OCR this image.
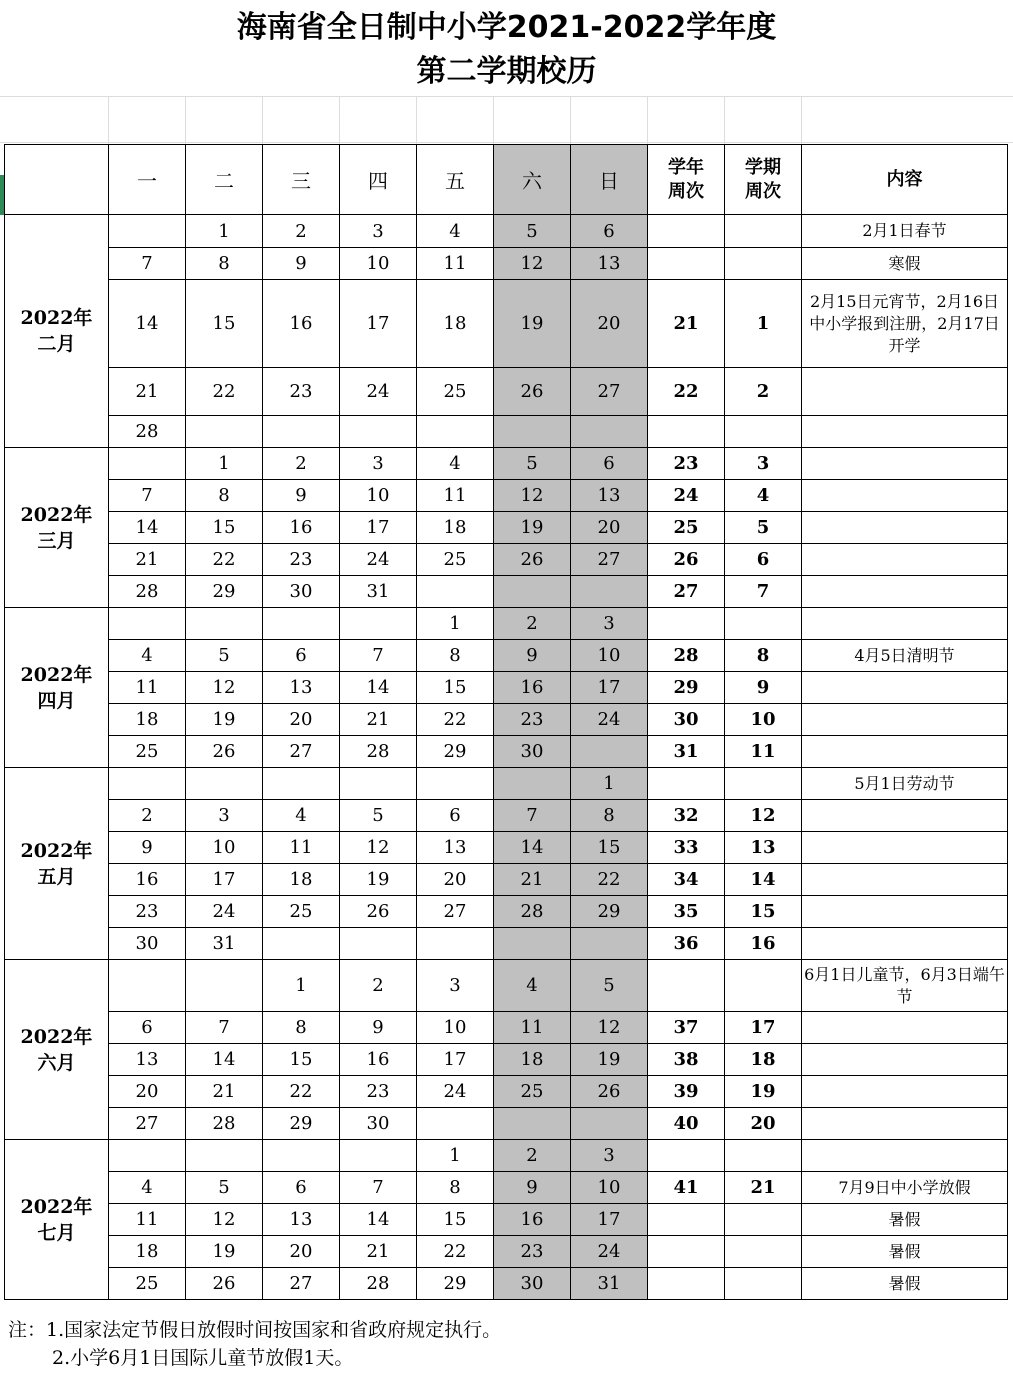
海南省全日制中小学2021-2022学年度
第二学期校历
	一	二	三	四	五	六	日	学年
周次	学期
周次	内容
2022年
二月		1	2	3	4	5	6			2月1日春节
	7	8	9	10	11	12	13			寒假
	14	15	16	17	18	19	20	21	1	2月15日元宵节，2月16日中小学报到注册，2月17日开学
	21	22	23	24	25	26	27	22	2	
	28									
2022年
三月		1	2	3	4	5	6	23	3	
	7	8	9	10	11	12	13	24	4	
	14	15	16	17	18	19	20	25	5	
	21	22	23	24	25	26	27	26	6	
	28	29	30	31				27	7	
2022年
四月					1	2	3			
	4	5	6	7	8	9	10	28	8	4月5日清明节
	11	12	13	14	15	16	17	29	9	
	18	19	20	21	22	23	24	30	10	
	25	26	27	28	29	30		31	11	
2022年
五月							1			5月1日劳动节
	2	3	4	5	6	7	8	32	12	
	9	10	11	12	13	14	15	33	13	
	16	17	18	19	20	21	22	34	14	
	23	24	25	26	27	28	29	35	15	
	30	31						36	16	
2022年
六月			1	2	3	4	5			6月1日儿童节，6月3日端午节
	6	7	8	9	10	11	12	37	17	
	13	14	15	16	17	18	19	38	18	
	20	21	22	23	24	25	26	39	19	
	27	28	29	30				40	20	
2022年
七月					1	2	3			
	4	5	6	7	8	9	10	41	21	7月9日中小学放假
	11	12	13	14	15	16	17			暑假
	18	19	20	21	22	23	24			暑假
	25	26	27	28	29	30	31			暑假
注：1.国家法定节假日放假时间按国家和省政府规定执行。
2.小学6月1日国际儿童节放假1天。
